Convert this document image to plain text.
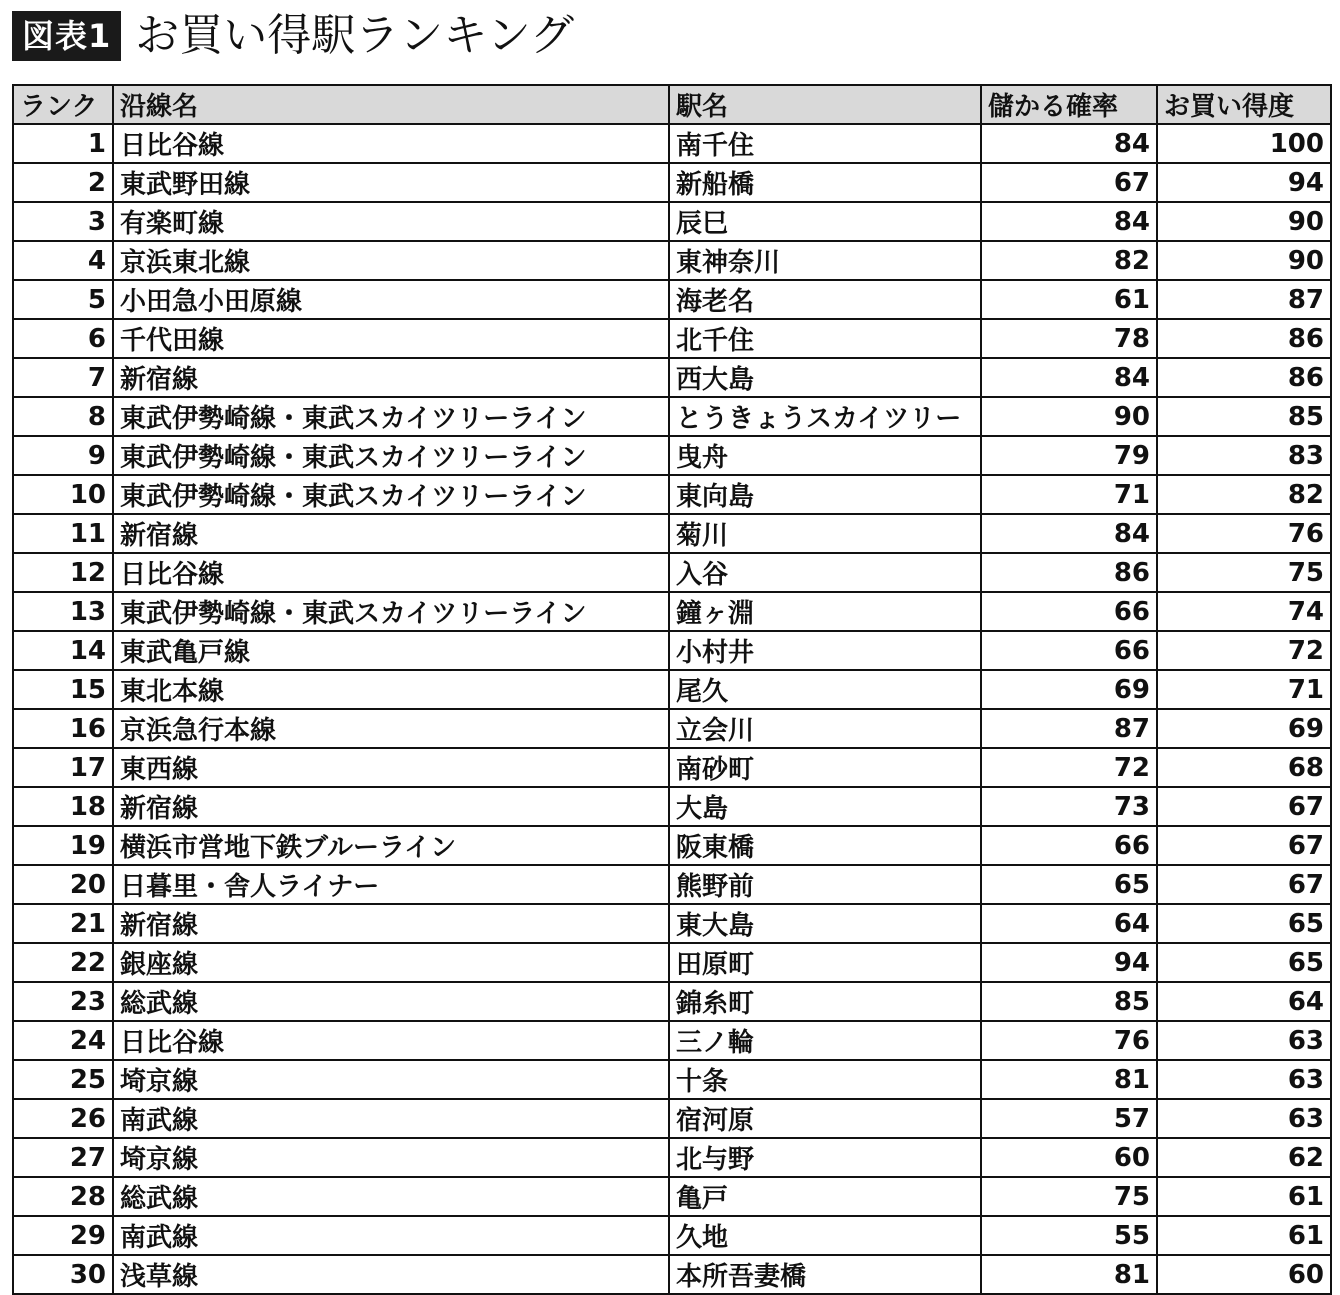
図表1 お買い得駅ランキング
ランク	沿線名	駅名	儲かる確率	お買い得度
1	日比谷線	南千住	84	100
2	東武野田線	新船橋	67	94
3	有楽町線	辰巳	84	90
4	京浜東北線	東神奈川	82	90
5	小田急小田原線	海老名	61	87
6	千代田線	北千住	78	86
7	新宿線	西大島	84	86
8	東武伊勢崎線・東武スカイツリーライン	とうきょうスカイツリー	90	85
9	東武伊勢崎線・東武スカイツリーライン	曳舟	79	83
10	東武伊勢崎線・東武スカイツリーライン	東向島	71	82
11	新宿線	菊川	84	76
12	日比谷線	入谷	86	75
13	東武伊勢崎線・東武スカイツリーライン	鐘ヶ淵	66	74
14	東武亀戸線	小村井	66	72
15	東北本線	尾久	69	71
16	京浜急行本線	立会川	87	69
17	東西線	南砂町	72	68
18	新宿線	大島	73	67
19	横浜市営地下鉄ブルーライン	阪東橋	66	67
20	日暮里・舎人ライナー	熊野前	65	67
21	新宿線	東大島	64	65
22	銀座線	田原町	94	65
23	総武線	錦糸町	85	64
24	日比谷線	三ノ輪	76	63
25	埼京線	十条	81	63
26	南武線	宿河原	57	63
27	埼京線	北与野	60	62
28	総武線	亀戸	75	61
29	南武線	久地	55	61
30	浅草線	本所吾妻橋	81	60
